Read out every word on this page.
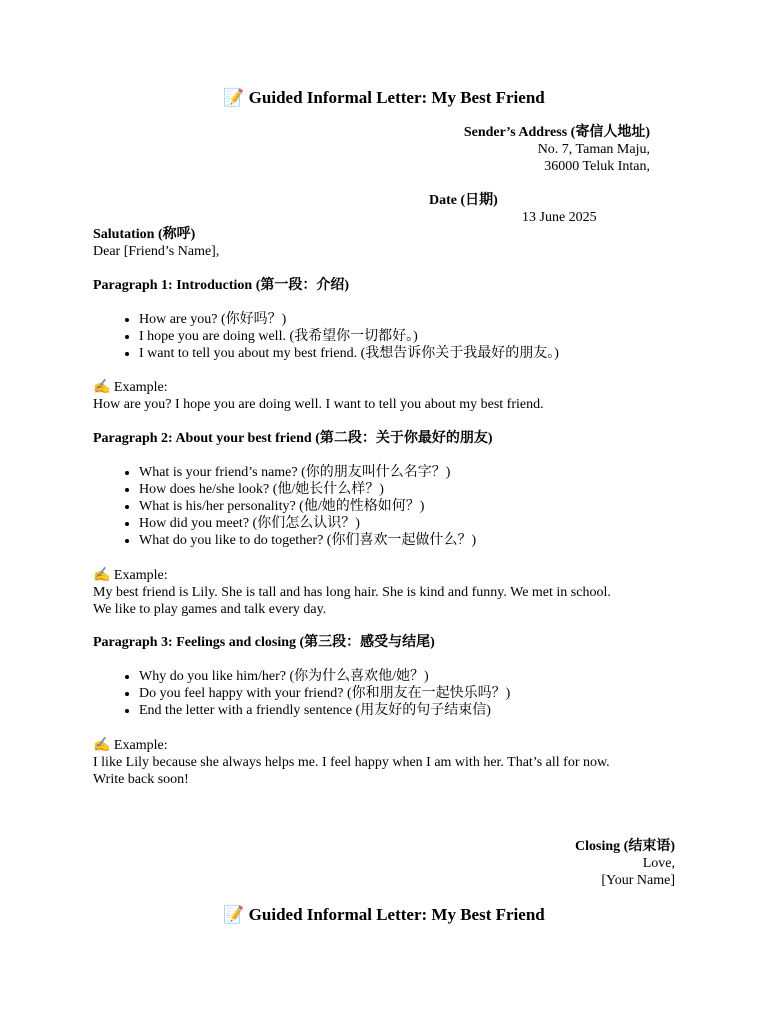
📝 Guided Informal Letter: My Best Friend
Sender’s Address (寄信人地址)
No. 7, Taman Maju,
36000 Teluk Intan,
Date (日期)
13 June 2025
Salutation (称呼)
Dear [Friend’s Name],
Paragraph 1: Introduction (第一段：介绍)
• How are you? (你好吗？)
• I hope you are doing well. (我希望你一切都好。)
• I want to tell you about my best friend. (我想告诉你关于我最好的朋友。)
✍️ Example:
How are you? I hope you are doing well. I want to tell you about my best friend.
Paragraph 2: About your best friend (第二段：关于你最好的朋友)
• What is your friend’s name? (你的朋友叫什么名字？)
• How does he/she look? (他/她长什么样？)
• What is his/her personality? (他/她的性格如何？)
• How did you meet? (你们怎么认识？)
• What do you like to do together? (你们喜欢一起做什么？)
✍️ Example:
My best friend is Lily. She is tall and has long hair. She is kind and funny. We met in school.
We like to play games and talk every day.
Paragraph 3: Feelings and closing (第三段：感受与结尾)
• Why do you like him/her? (你为什么喜欢他/她？)
• Do you feel happy with your friend? (你和朋友在一起快乐吗？)
• End the letter with a friendly sentence (用友好的句子结束信)
✍️ Example:
I like Lily because she always helps me. I feel happy when I am with her. That’s all for now.
Write back soon!
Closing (结束语)
Love,
[Your Name]
📝 Guided Informal Letter: My Best Friend
